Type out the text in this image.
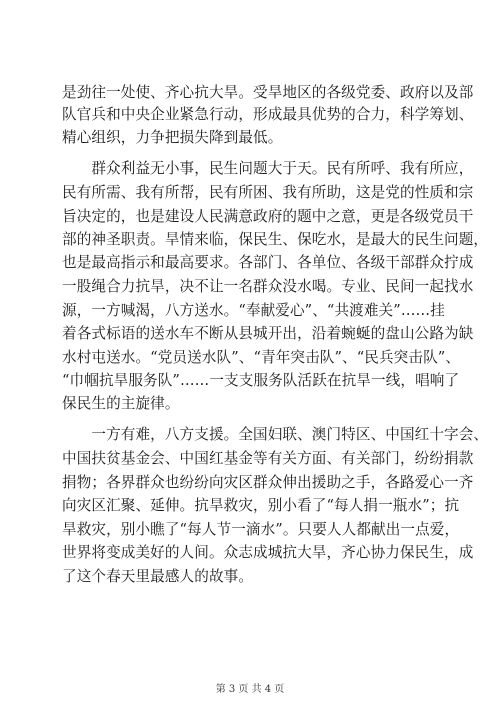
是劲往一处使、齐心抗大旱。受旱地区的各级党委、政府以及部
队官兵和中央企业紧急行动，形成最具优势的合力，科学筹划、
精心组织，力争把损失降到最低。
　　群众利益无小事，民生问题大于天。民有所呼、我有所应，
民有所需、我有所帮，民有所困、我有所助，这是党的性质和宗
旨决定的，也是建设人民满意政府的题中之意，更是各级党员干
部的神圣职责。旱情来临，保民生、保吃水，是最大的民生问题，
也是最高指示和最高要求。各部门、各单位、各级干部群众拧成
一股绳合力抗旱，决不让一名群众没水喝。专业、民间一起找水
源，一方喊渴，八方送水。“奉献爱心”、“共渡难关”……挂
着各式标语的送水车不断从县城开出，沿着蜿蜒的盘山公路为缺
水村屯送水。“党员送水队”、“青年突击队”、“民兵突击队”、
“巾帼抗旱服务队”……一支支服务队活跃在抗旱一线，唱响了
保民生的主旋律。
　　一方有难，八方支援。全国妇联、澳门特区、中国红十字会、
中国扶贫基金会、中国红基金等有关方面、有关部门，纷纷捐款
捐物；各界群众也纷纷向灾区群众伸出援助之手，各路爱心一齐
向灾区汇聚、延伸。抗旱救灾，别小看了“每人捐一瓶水”；抗
旱救灾，别小瞧了“每人节一滴水”。只要人人都献出一点爱，
世界将变成美好的人间。众志成城抗大旱，齐心协力保民生，成
了这个春天里最感人的故事。
第 3 页 共 4 页
